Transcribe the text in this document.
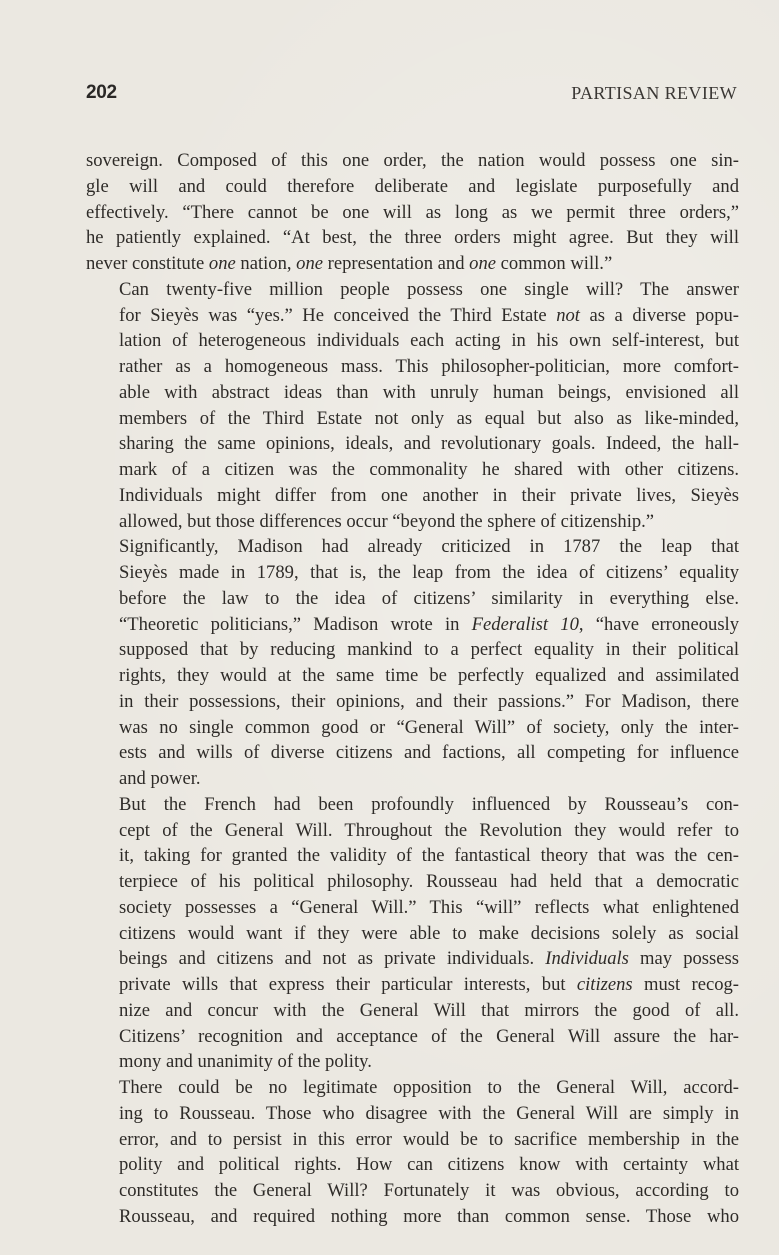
202	PARTISAN REVIEW

sovereign. Composed of this one order, the nation would possess one sin-
gle will and could therefore deliberate and legislate purposefully and
effectively. “There cannot be one will as long as we permit three orders,”
he patiently explained. “At best, the three orders might agree. But they will
never constitute one nation, one representation and one common will.”

Can twenty-five million people possess one single will? The answer
for Sieyès was “yes.” He conceived the Third Estate not as a diverse popu-
lation of heterogeneous individuals each acting in his own self-interest, but
rather as a homogeneous mass. This philosopher-politician, more comfort-
able with abstract ideas than with unruly human beings, envisioned all
members of the Third Estate not only as equal but also as like-minded,
sharing the same opinions, ideals, and revolutionary goals. Indeed, the hall-
mark of a citizen was the commonality he shared with other citizens.
Individuals might differ from one another in their private lives, Sieyès
allowed, but those differences occur “beyond the sphere of citizenship.”

Significantly, Madison had already criticized in 1787 the leap that
Sieyès made in 1789, that is, the leap from the idea of citizens’ equality
before the law to the idea of citizens’ similarity in everything else.
“Theoretic politicians,” Madison wrote in Federalist 10, “have erroneously
supposed that by reducing mankind to a perfect equality in their political
rights, they would at the same time be perfectly equalized and assimilated
in their possessions, their opinions, and their passions.” For Madison, there
was no single common good or “General Will” of society, only the inter-
ests and wills of diverse citizens and factions, all competing for influence
and power.

But the French had been profoundly influenced by Rousseau’s con-
cept of the General Will. Throughout the Revolution they would refer to
it, taking for granted the validity of the fantastical theory that was the cen-
terpiece of his political philosophy. Rousseau had held that a democratic
society possesses a “General Will.” This “will” reflects what enlightened
citizens would want if they were able to make decisions solely as social
beings and citizens and not as private individuals. Individuals may possess
private wills that express their particular interests, but citizens must recog-
nize and concur with the General Will that mirrors the good of all.
Citizens’ recognition and acceptance of the General Will assure the har-
mony and unanimity of the polity.

There could be no legitimate opposition to the General Will, accord-
ing to Rousseau. Those who disagree with the General Will are simply in
error, and to persist in this error would be to sacrifice membership in the
polity and political rights. How can citizens know with certainty what
constitutes the General Will? Fortunately it was obvious, according to
Rousseau, and required nothing more than common sense. Those who
